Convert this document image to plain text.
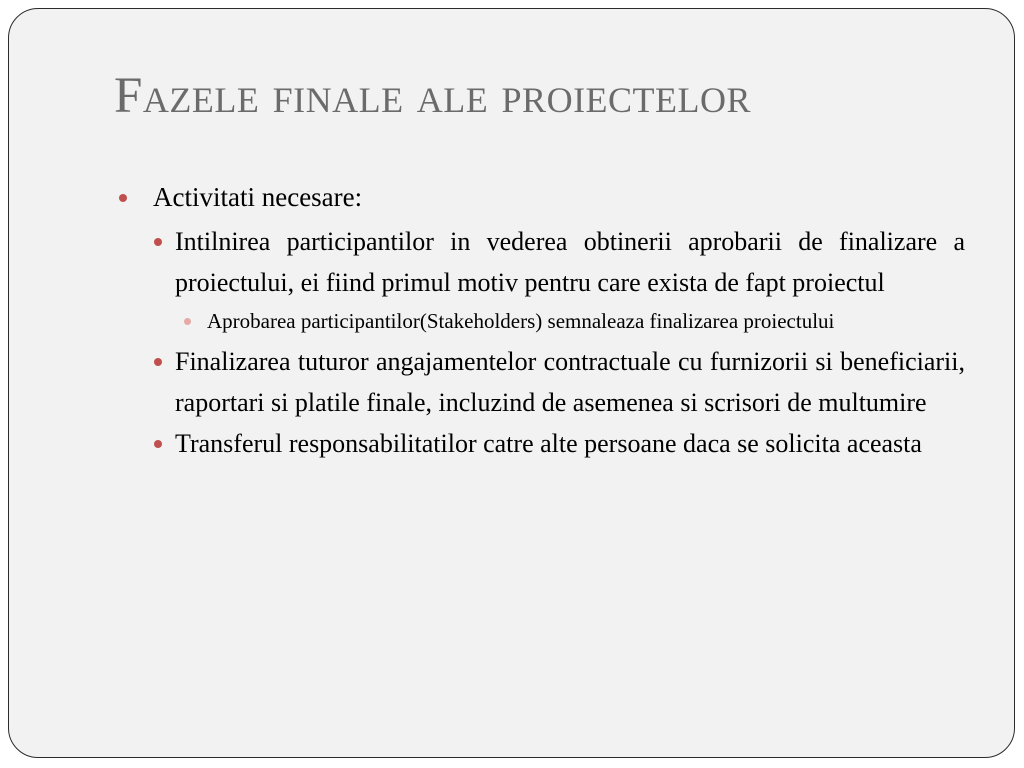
Fazele finale ale proiectelor
Activitati necesare:
Intilnirea participantilor in vederea obtinerii aprobarii de finalizare a proiectului, ei fiind primul motiv pentru care exista de fapt proiectul
Aprobarea participantilor(Stakeholders) semnaleaza finalizarea proiectului
Finalizarea tuturor angajamentelor contractuale cu furnizorii si beneficiarii, raportari si platile finale, incluzind de asemenea si scrisori de multumire
Transferul responsabilitatilor catre alte persoane daca se solicita aceasta
